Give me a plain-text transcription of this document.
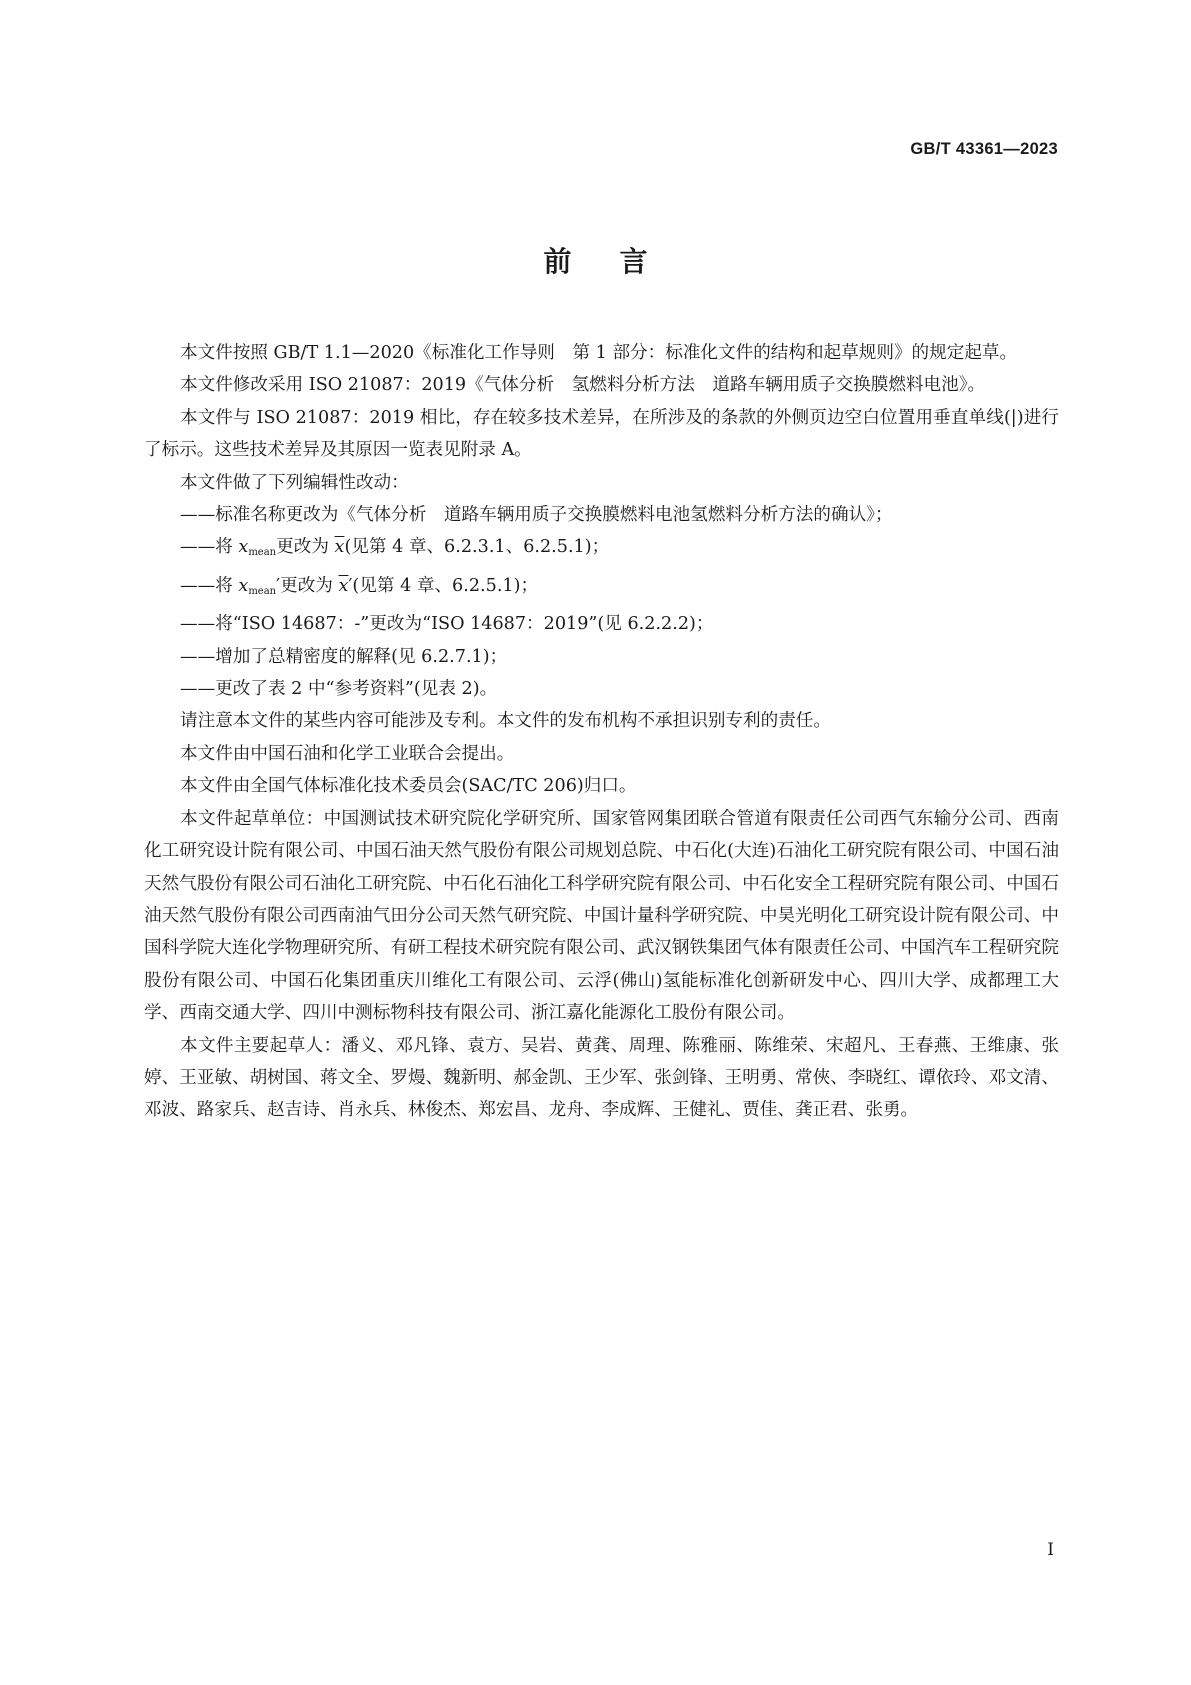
GB/T 43361—2023
前言

本文件按照 GB/T 1.1—2020《标准化工作导则　第 1 部分：标准化文件的结构和起草规则》的规定起草。

本文件修改采用 ISO 21087：2019《气体分析　氢燃料分析方法　道路车辆用质子交换膜燃料电池》。

本文件与 ISO 21087：2019 相比，存在较多技术差异，在所涉及的条款的外侧页边空白位置用垂直单线(|)进行了标示。这些技术差异及其原因一览表见附录 A。

本文件做了下列编辑性改动：

——标准名称更改为《气体分析　道路车辆用质子交换膜燃料电池氢燃料分析方法的确认》；

——将 $x_{mean}$更改为 $\overline{x}$(见第 4 章、6.2.3.1、6.2.5.1)；

——将 $x_{mean}'$更改为 $\overline{x}'$(见第 4 章、6.2.5.1)；

——将“ISO 14687：-”更改为“ISO 14687：2019”(见 6.2.2.2)；

——增加了总精密度的解释(见 6.2.7.1)；

——更改了表 2 中“参考资料”(见表 2)。

请注意本文件的某些内容可能涉及专利。本文件的发布机构不承担识别专利的责任。

本文件由中国石油和化学工业联合会提出。

本文件由全国气体标准化技术委员会(SAC/TC 206)归口。

本文件起草单位：中国测试技术研究院化学研究所、国家管网集团联合管道有限责任公司西气东输分公司、西南化工研究设计院有限公司、中国石油天然气股份有限公司规划总院、中石化(大连)石油化工研究院有限公司、中国石油天然气股份有限公司石油化工研究院、中石化石油化工科学研究院有限公司、中石化安全工程研究院有限公司、中国石油天然气股份有限公司西南油气田分公司天然气研究院、中国计量科学研究院、中昊光明化工研究设计院有限公司、中国科学院大连化学物理研究所、有研工程技术研究院有限公司、武汉钢铁集团气体有限责任公司、中国汽车工程研究院股份有限公司、中国石化集团重庆川维化工有限公司、云浮(佛山)氢能标准化创新研发中心、四川大学、成都理工大学、西南交通大学、四川中测标物科技有限公司、浙江嘉化能源化工股份有限公司。

本文件主要起草人：潘义、邓凡锋、袁方、吴岩、黄龚、周理、陈雅丽、陈维荣、宋超凡、王春燕、王维康、张婷、王亚敏、胡树国、蒋文全、罗熳、魏新明、郝金凯、王少军、张剑锋、王明勇、常俠、李晓红、谭依玲、邓文清、邓波、路家兵、赵吉诗、肖永兵、林俊杰、郑宏昌、龙舟、李成辉、王健礼、贾佳、龚正君、张勇。

I
